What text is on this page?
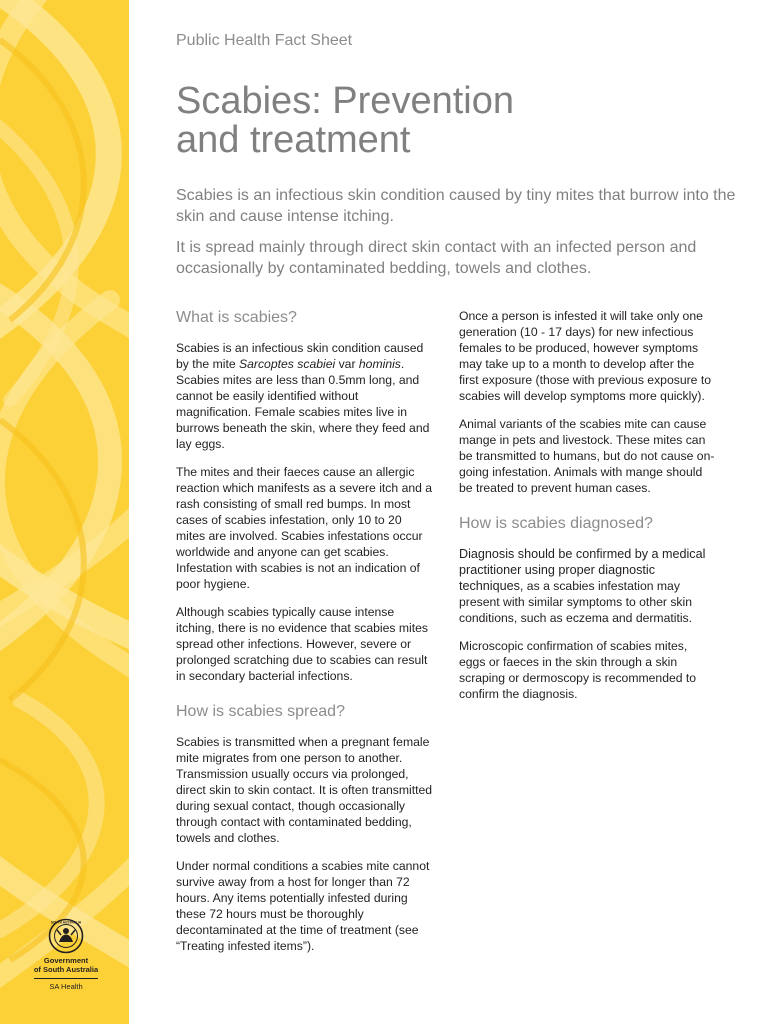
SOUTH AUSTRALIA
Government
of South Australia
SA Health
Public Health Fact Sheet
Scabies: Prevention
and treatment

Scabies is an infectious skin condition caused by tiny mites that burrow into the skin and cause intense itching.

It is spread mainly through direct skin contact with an infected person and occasionally by contaminated bedding, towels and clothes.

What is scabies?

Scabies is an infectious skin condition caused by the mite Sarcoptes scabiei var hominis. Scabies mites are less than 0.5mm long, and cannot be easily identified without magnification. Female scabies mites live in burrows beneath the skin, where they feed and lay eggs.

The mites and their faeces cause an allergic reaction which manifests as a severe itch and a rash consisting of small red bumps. In most cases of scabies infestation, only 10 to 20 mites are involved. Scabies infestations occur worldwide and anyone can get scabies. Infestation with scabies is not an indication of poor hygiene.

Although scabies typically cause intense itching, there is no evidence that scabies mites spread other infections. However, severe or prolonged scratching due to scabies can result in secondary bacterial infections.

How is scabies spread?

Scabies is transmitted when a pregnant female mite migrates from one person to another. Transmission usually occurs via prolonged, direct skin to skin contact. It is often transmitted during sexual contact, though occasionally through contact with contaminated bedding, towels and clothes.

Under normal conditions a scabies mite cannot survive away from a host for longer than 72 hours. Any items potentially infested during these 72 hours must be thoroughly decontaminated at the time of treatment (see “Treating infested items”).

Once a person is infested it will take only one generation (10 - 17 days) for new infectious females to be produced, however symptoms may take up to a month to develop after the first exposure (those with previous exposure to scabies will develop symptoms more quickly).

Animal variants of the scabies mite can cause mange in pets and livestock. These mites can be transmitted to humans, but do not cause on-going infestation. Animals with mange should be treated to prevent human cases.

How is scabies diagnosed?

Diagnosis should be confirmed by a medical practitioner using proper diagnostic techniques, as a scabies infestation may present with similar symptoms to other skin conditions, such as eczema and dermatitis.

Microscopic confirmation of scabies mites, eggs or faeces in the skin through a skin scraping or dermoscopy is recommended to confirm the diagnosis.
